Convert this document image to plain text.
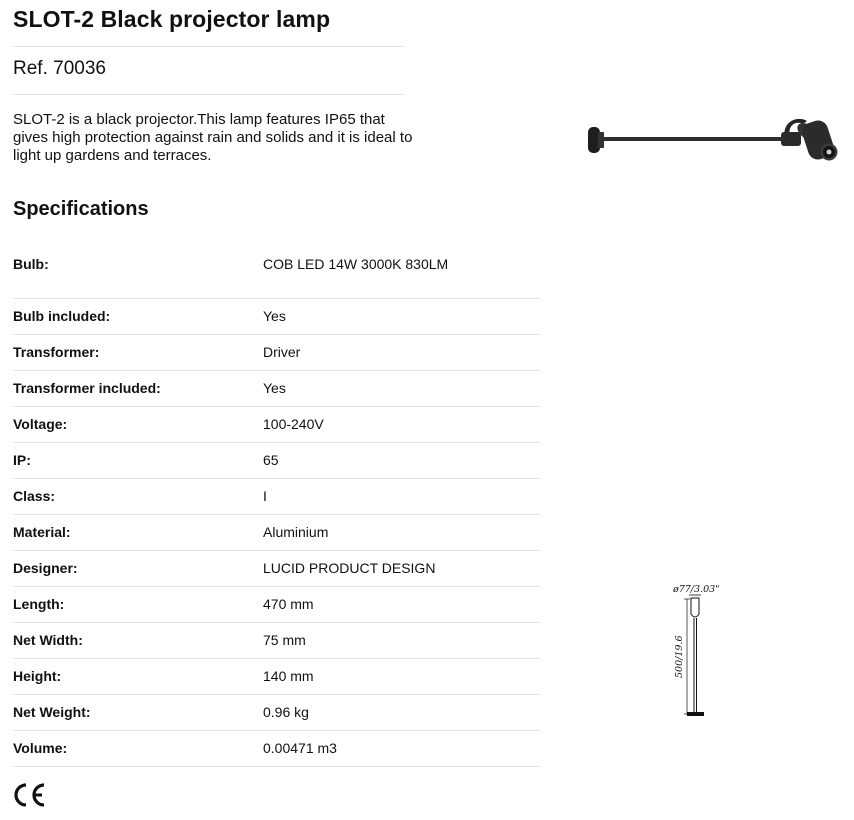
SLOT-2 Black projector lamp
Ref. 70036

SLOT-2 is a black projector.This lamp features IP65 that gives high protection against rain and solids and it is ideal to light up gardens and terraces.

Specifications
Bulb:	COB LED 14W 3000K 830LM
Bulb included:	Yes
Transformer:	Driver
Transformer included:	Yes
Voltage:	100-240V
IP:	65
Class:	I
Material:	Aluminium
Designer:	LUCID PRODUCT DESIGN
Length:	470 mm
Net Width:	75 mm
Height:	140 mm
Net Weight:	0.96 kg
Volume:	0.00471 m3
ø77/3.03"
500/19.6
